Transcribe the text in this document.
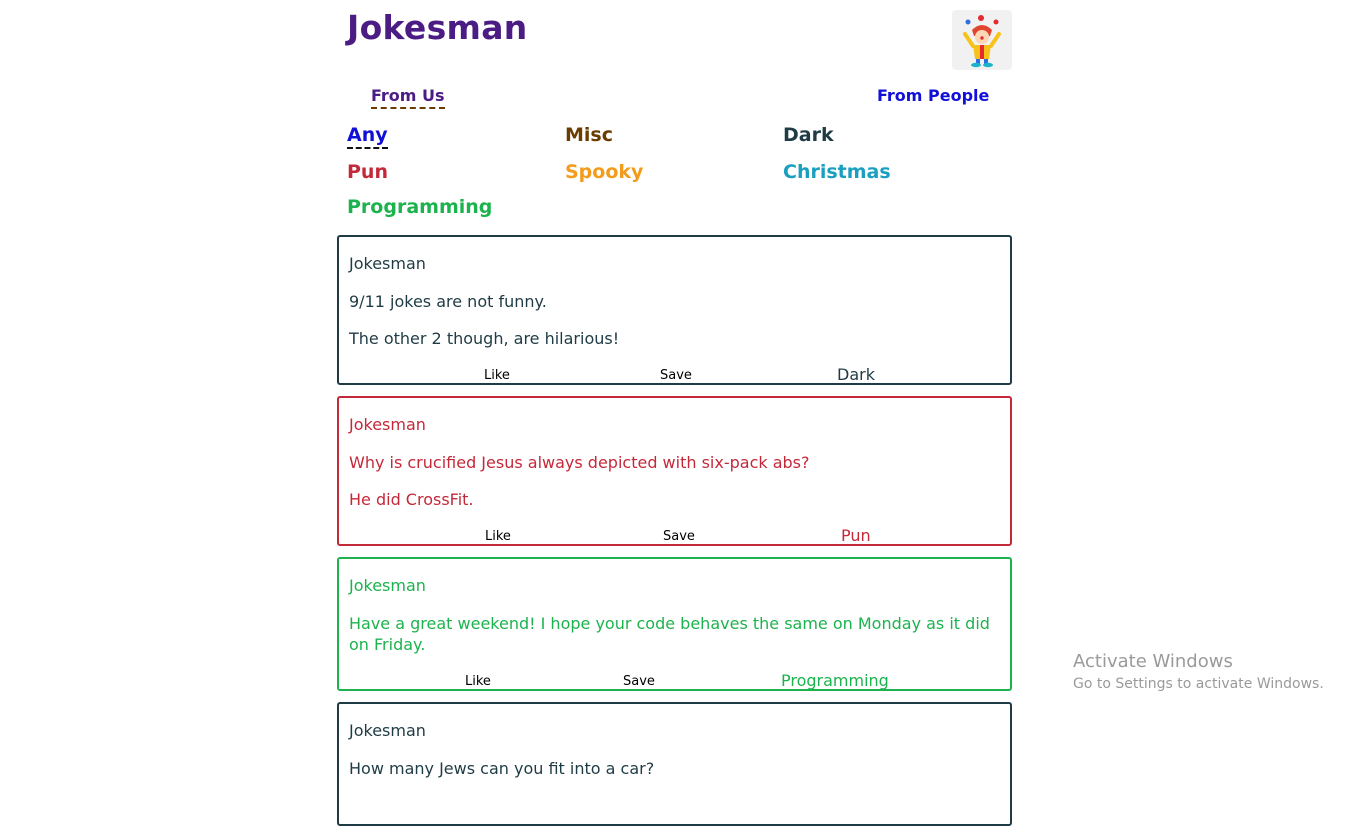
Jokesman
From Us	From People
Any	Misc	Dark
Pun	Spooky	Christmas
Programming
Jokesman
9/11 jokes are not funny.
The other 2 though, are hilarious!
Like	Save	Dark
Jokesman
Why is crucified Jesus always depicted with six-pack abs?
He did CrossFit.
Like	Save	Pun
Jokesman
Have a great weekend! I hope your code behaves the same on Monday as it did on Friday.
Like	Save	Programming
Jokesman
How many Jews can you fit into a car?
Activate Windows
Go to Settings to activate Windows.
